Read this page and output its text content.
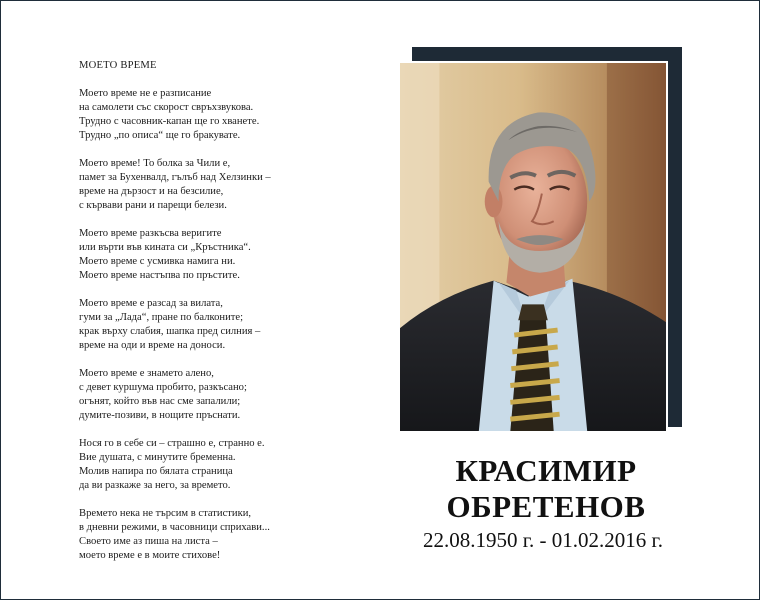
МОЕТО ВРЕМЕ
Моето време не е разписание
на самолети със скорост свръхзвукова.
Трудно с часовник-капан ще го хванете.
Трудно „по описа“ ще го бракувате.
Моето време! То болка за Чили е,
памет за Бухенвалд, гълъб над Хелзинки –
време на дързост и на безсилие,
с кървави рани и парещи белези.
Моето време разкъсва веригите
или върти във кината си „Кръстника“.
Моето време с усмивка намига ни.
Моето време настъпва по пръстите.
Моето време е разсад за вилата,
гуми за „Лада“, пране по балконите;
крак върху слабия, шапка пред силния –
време на оди и време на доноси.
Моето време е знамето алено,
с девет куршума пробито, разкъсано;
огънят, който във нас сме запалили;
думите-позиви, в нощите пръснати.
Нося го в себе си – страшно е, странно е.
Вие душата, с минутите бременна.
Молив напира по бялата страница
да ви разкаже за него, за времето.
Времето нека не търсим в статистики,
в дневни режими, в часовници сприхави...
Своето име аз пиша на листа –
моето време е в моите стихове!
КРАСИМИР
ОБРЕТЕНОВ
22.08.1950 г. - 01.02.2016 г.
